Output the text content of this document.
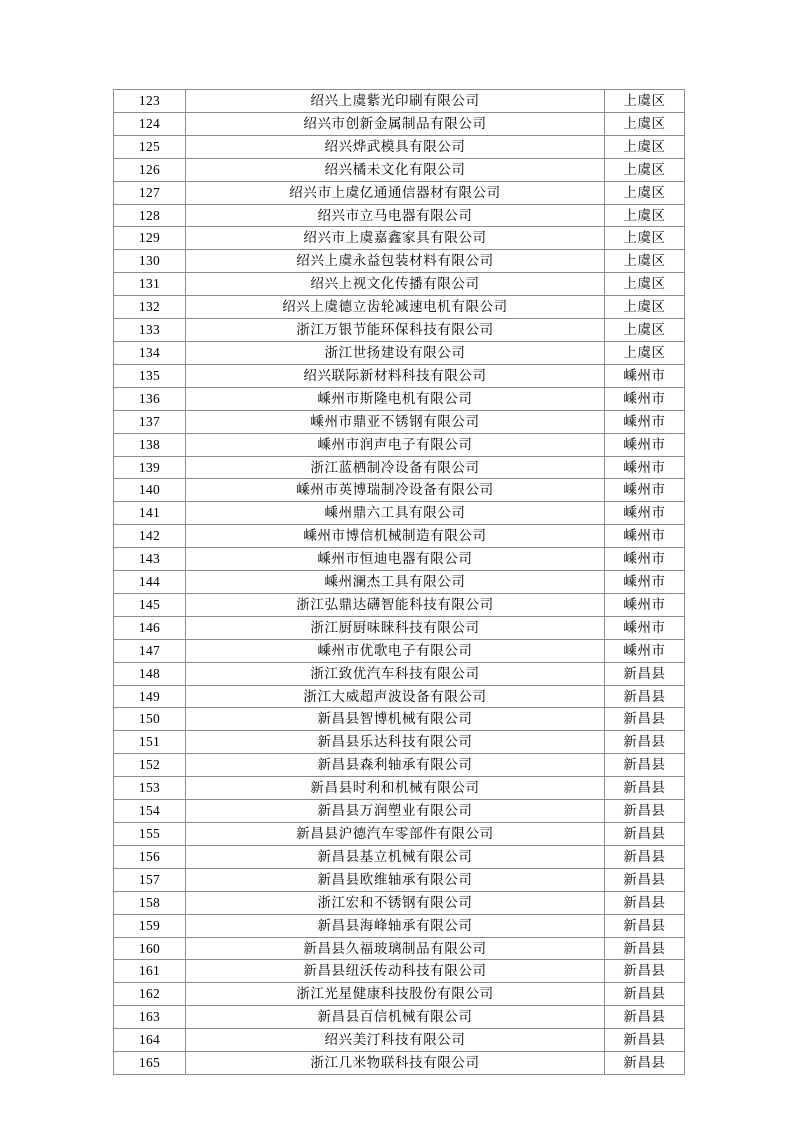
123	绍兴上虞紫光印刷有限公司	上虞区
124	绍兴市创新金属制品有限公司	上虞区
125	绍兴烨武模具有限公司	上虞区
126	绍兴橘未文化有限公司	上虞区
127	绍兴市上虞亿通通信器材有限公司	上虞区
128	绍兴市立马电器有限公司	上虞区
129	绍兴市上虞嘉鑫家具有限公司	上虞区
130	绍兴上虞永益包装材料有限公司	上虞区
131	绍兴上视文化传播有限公司	上虞区
132	绍兴上虞德立齿轮减速电机有限公司	上虞区
133	浙江万银节能环保科技有限公司	上虞区
134	浙江世扬建设有限公司	上虞区
135	绍兴联际新材料科技有限公司	嵊州市
136	嵊州市斯隆电机有限公司	嵊州市
137	嵊州市鼎亚不锈钢有限公司	嵊州市
138	嵊州市润声电子有限公司	嵊州市
139	浙江蓝栖制冷设备有限公司	嵊州市
140	嵊州市英博瑞制冷设备有限公司	嵊州市
141	嵊州鼎六工具有限公司	嵊州市
142	嵊州市博信机械制造有限公司	嵊州市
143	嵊州市恒迪电器有限公司	嵊州市
144	嵊州澜杰工具有限公司	嵊州市
145	浙江弘鼎达礴智能科技有限公司	嵊州市
146	浙江厨厨味睐科技有限公司	嵊州市
147	嵊州市优歌电子有限公司	嵊州市
148	浙江致优汽车科技有限公司	新昌县
149	浙江大威超声波设备有限公司	新昌县
150	新昌县智博机械有限公司	新昌县
151	新昌县乐达科技有限公司	新昌县
152	新昌县森利轴承有限公司	新昌县
153	新昌县时利和机械有限公司	新昌县
154	新昌县万润塑业有限公司	新昌县
155	新昌县沪德汽车零部件有限公司	新昌县
156	新昌县基立机械有限公司	新昌县
157	新昌县欧维轴承有限公司	新昌县
158	浙江宏和不锈钢有限公司	新昌县
159	新昌县海峰轴承有限公司	新昌县
160	新昌县久福玻璃制品有限公司	新昌县
161	新昌县纽沃传动科技有限公司	新昌县
162	浙江光星健康科技股份有限公司	新昌县
163	新昌县百信机械有限公司	新昌县
164	绍兴美汀科技有限公司	新昌县
165	浙江几米物联科技有限公司	新昌县
